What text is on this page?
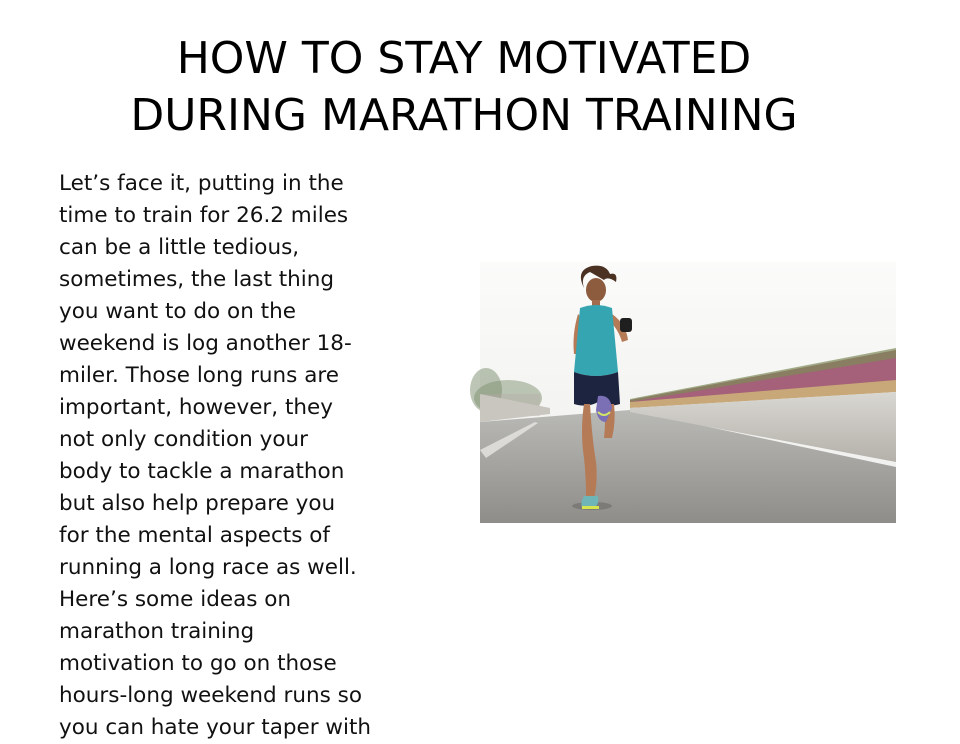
HOW TO STAY MOTIVATED
DURING MARATHON TRAINING
Let’s face it, putting in the
time to train for 26.2 miles
can be a little tedious,
sometimes, the last thing
you want to do on the
weekend is log another 18-
miler. Those long runs are
important, however, they
not only condition your
body to tackle a marathon
but also help prepare you
for the mental aspects of
running a long race as well.
Here’s some ideas on
marathon training
motivation to go on those
hours-long weekend runs so
you can hate your taper with
